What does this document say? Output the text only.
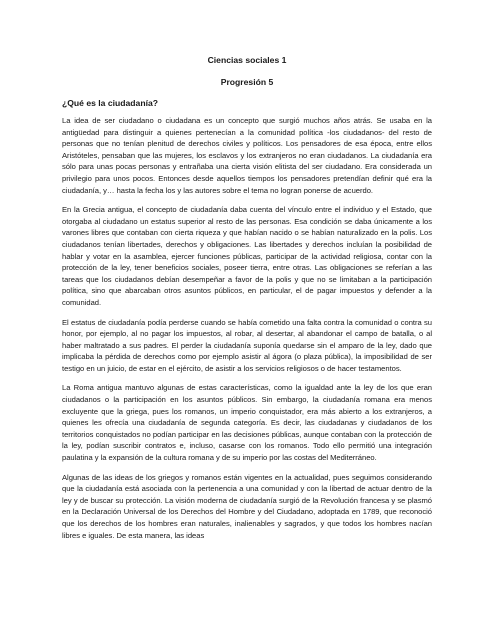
Ciencias sociales 1

Progresión 5

¿Qué es la ciudadanía?

La idea de ser ciudadano o ciudadana es un concepto que surgió muchos años atrás. Se usaba en la antigüedad para distinguir a quienes pertenecían a la comunidad política -los ciudadanos- del resto de personas que no tenían plenitud de derechos civiles y políticos. Los pensadores de esa época, entre ellos Aristóteles, pensaban que las mujeres, los esclavos y los extranjeros no eran ciudadanos. La ciudadanía era sólo para unas pocas personas y entrañaba una cierta visión elitista del ser ciudadano. Era considerada un privilegio para unos pocos. Entonces desde aquellos tiempos los pensadores pretendían definir qué era la ciudadanía, y… hasta la fecha los y las autores sobre el tema no logran ponerse de acuerdo.

En la Grecia antigua, el concepto de ciudadanía daba cuenta del vínculo entre el individuo y el Estado, que otorgaba al ciudadano un estatus superior al resto de las personas. Esa condición se daba únicamente a los varones libres que contaban con cierta riqueza y que habían nacido o se habían naturalizado en la polis. Los ciudadanos tenían libertades, derechos y obligaciones. Las libertades y derechos incluían la posibilidad de hablar y votar en la asamblea, ejercer funciones públicas, participar de la actividad religiosa, contar con la protección de la ley, tener beneficios sociales, poseer tierra, entre otras. Las obligaciones se referían a las tareas que los ciudadanos debían desempeñar a favor de la polis y que no se limitaban a la participación política, sino que abarcaban otros asuntos públicos, en particular, el de pagar impuestos y defender a la comunidad.

El estatus de ciudadanía podía perderse cuando se había cometido una falta contra la comunidad o contra su honor, por ejemplo, al no pagar los impuestos, al robar, al desertar, al abandonar el campo de batalla, o al haber maltratado a sus padres. El perder la ciudadanía suponía quedarse sin el amparo de la ley, dado que implicaba la pérdida de derechos como por ejemplo asistir al ágora (o plaza pública), la imposibilidad de ser testigo en un juicio, de estar en el ejército, de asistir a los servicios religiosos o de hacer testamentos.

La Roma antigua mantuvo algunas de estas características, como la igualdad ante la ley de los que eran ciudadanos o la participación en los asuntos públicos. Sin embargo, la ciudadanía romana era menos excluyente que la griega, pues los romanos, un imperio conquistador, era más abierto a los extranjeros, a quienes les ofrecía una ciudadanía de segunda categoría. Es decir, las ciudadanas y ciudadanos de los territorios conquistados no podían participar en las decisiones públicas, aunque contaban con la protección de la ley, podían suscribir contratos e, incluso, casarse con los romanos. Todo ello permitió una integración paulatina y la expansión de la cultura romana y de su imperio por las costas del Mediterráneo.

Algunas de las ideas de los griegos y romanos están vigentes en la actualidad, pues seguimos considerando que la ciudadanía está asociada con la pertenencia a una comunidad y con la libertad de actuar dentro de la ley y de buscar su protección. La visión moderna de ciudadanía surgió de la Revolución francesa y se plasmó en la Declaración Universal de los Derechos del Hombre y del Ciudadano, adoptada en 1789, que reconoció que los derechos de los hombres eran naturales, inalienables y sagrados, y que todos los hombres nacían libres e iguales. De esta manera, las ideas
